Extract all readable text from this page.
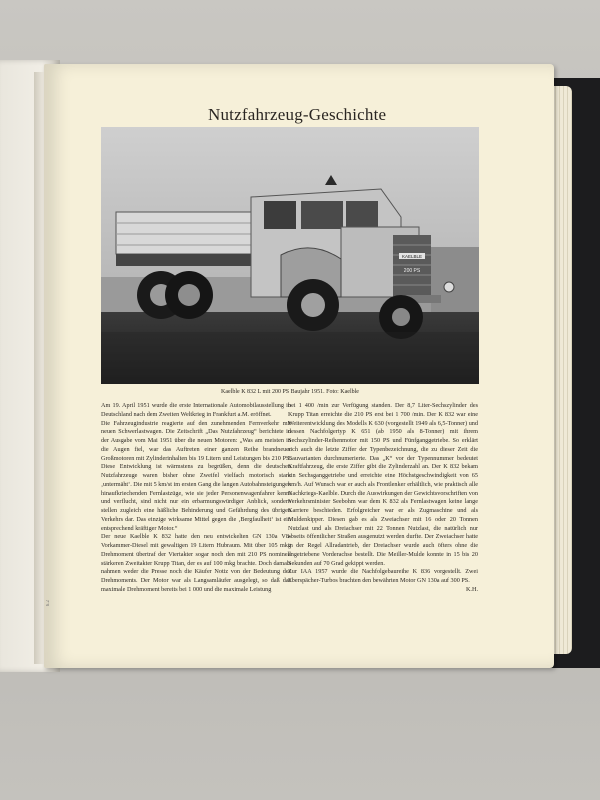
Nutzfahrzeug-Geschichte
KAELBLE
200 PS
Kaelble K 832 L mit 200 PS Baujahr 1951. Foto: Kaelble

Am 19. April 1951 wurde die erste Internationale Automobilausstellung in Deutschland nach dem Zweiten Weltkrieg in Frankfurt a.M. eröffnet.

Die Fahrzeugindustrie reagierte auf den zunehmenden Fernverkehr mit neuen Schwerlastwagen. Die Zeitschrift „Das Nutzfahrzeug“ berichtete in der Ausgabe vom Mai 1951 über die neuen Motoren: „Was am meisten in die Augen fiel, war das Auftreten einer ganzen Reihe brandneuer Großmotoren mit Zylinderinhalten bis 19 Litern und Leistungen bis 210 PS. Diese Entwicklung ist wärmstens zu begrüßen, denn die deutschen Nutzfahrzeuge waren bisher ohne Zweifel vielfach motorisch stark ‚untermäht‘. Die mit 5 km/st im ersten Gang die langen Autobahnsteigungen hinaufkriechenden Fernlastzüge, wie sie jeder Personenwagenfahrer kennt und verflucht, sind nicht nur ein erbarmungswürdiger Anblick, sondern stellen zugleich eine häßliche Behinderung und Gefährdung des übrigen Verkehrs dar. Das einzige wirksame Mittel gegen die ‚Bergfaulheit‘ ist ein entsprechend kräftiger Motor.“

Der neue Kaelble K 832 hatte den neu entwickelten GN 130a V8-Vorkammer-Diesel mit gewaltigen 19 Litern Hubraum. Mit über 105 mkg Drehmoment übertraf der Viertakter sogar noch den mit 210 PS nominell stärkeren Zweitakter Krupp Titan, der es auf 100 mkg brachte. Doch damals nahmen weder die Presse noch die Käufer Notiz von der Bedeutung des Drehmoments. Der Motor war als Langsamläufer ausgelegt, so daß das maximale Drehmoment bereits bei 1 000 und die maximale Leistung

bei 1 400 /min zur Verfügung standen. Der 8,7 Liter-Sechszylinder des Krupp Titan erreichte die 210 PS erst bei 1 700 /min. Der K 832 war eine Weiterentwicklung des Modells K 630 (vorgestellt 1949 als 6,5-Tonner) und dessen Nachfolgertyp K 651 (ab 1950 als 8-Tonner) mit ihrem Sechszylinder-Reihenmotor mit 150 PS und Fünfganggetriebe. So erklärt sich auch die letzte Ziffer der Typenbezeichnung, die zu dieser Zeit die Bauvarianten durchnumerierte. Das „K“ vor der Typennummer bedeutet Kraftfahrzeug, die erste Ziffer gibt die Zylinderzahl an. Der K 832 bekam ein Sechsganggetriebe und erreichte eine Höchstgeschwindigkeit von 65 km/h. Auf Wunsch war er auch als Frontlenker erhältlich, wie praktisch alle Nachkriegs-Kaelble. Durch die Auswirkungen der Gewichtsvorschriften von Verkehrsminister Seebohm war dem K 832 als Fernlastwagen keine lange Karriere beschieden. Erfolgreicher war er als Zugmaschine und als Muldenkipper. Diesen gab es als Zweiachser mit 16 oder 20 Tonnen Nutzlast und als Dreiachser mit 22 Tonnen Nutzlast, die natürlich nur abseits öffentlicher Straßen ausgenutzt werden durfte. Der Zweiachser hatte in der Regel Allradantrieb, der Dreiachser wurde auch öfters ohne die angetriebene Vorderachse bestellt. Die Meiller-Mulde konnte in 15 bis 20 Sekunden auf 70 Grad gekippt werden.

Zur IAA 1957 wurde die Nachfolgebaureihe K 836 vorgestellt. Zwei Eberspächer-Turbos brachten den bewährten Motor GN 130a auf 300 PS.

K.H.

6.2
